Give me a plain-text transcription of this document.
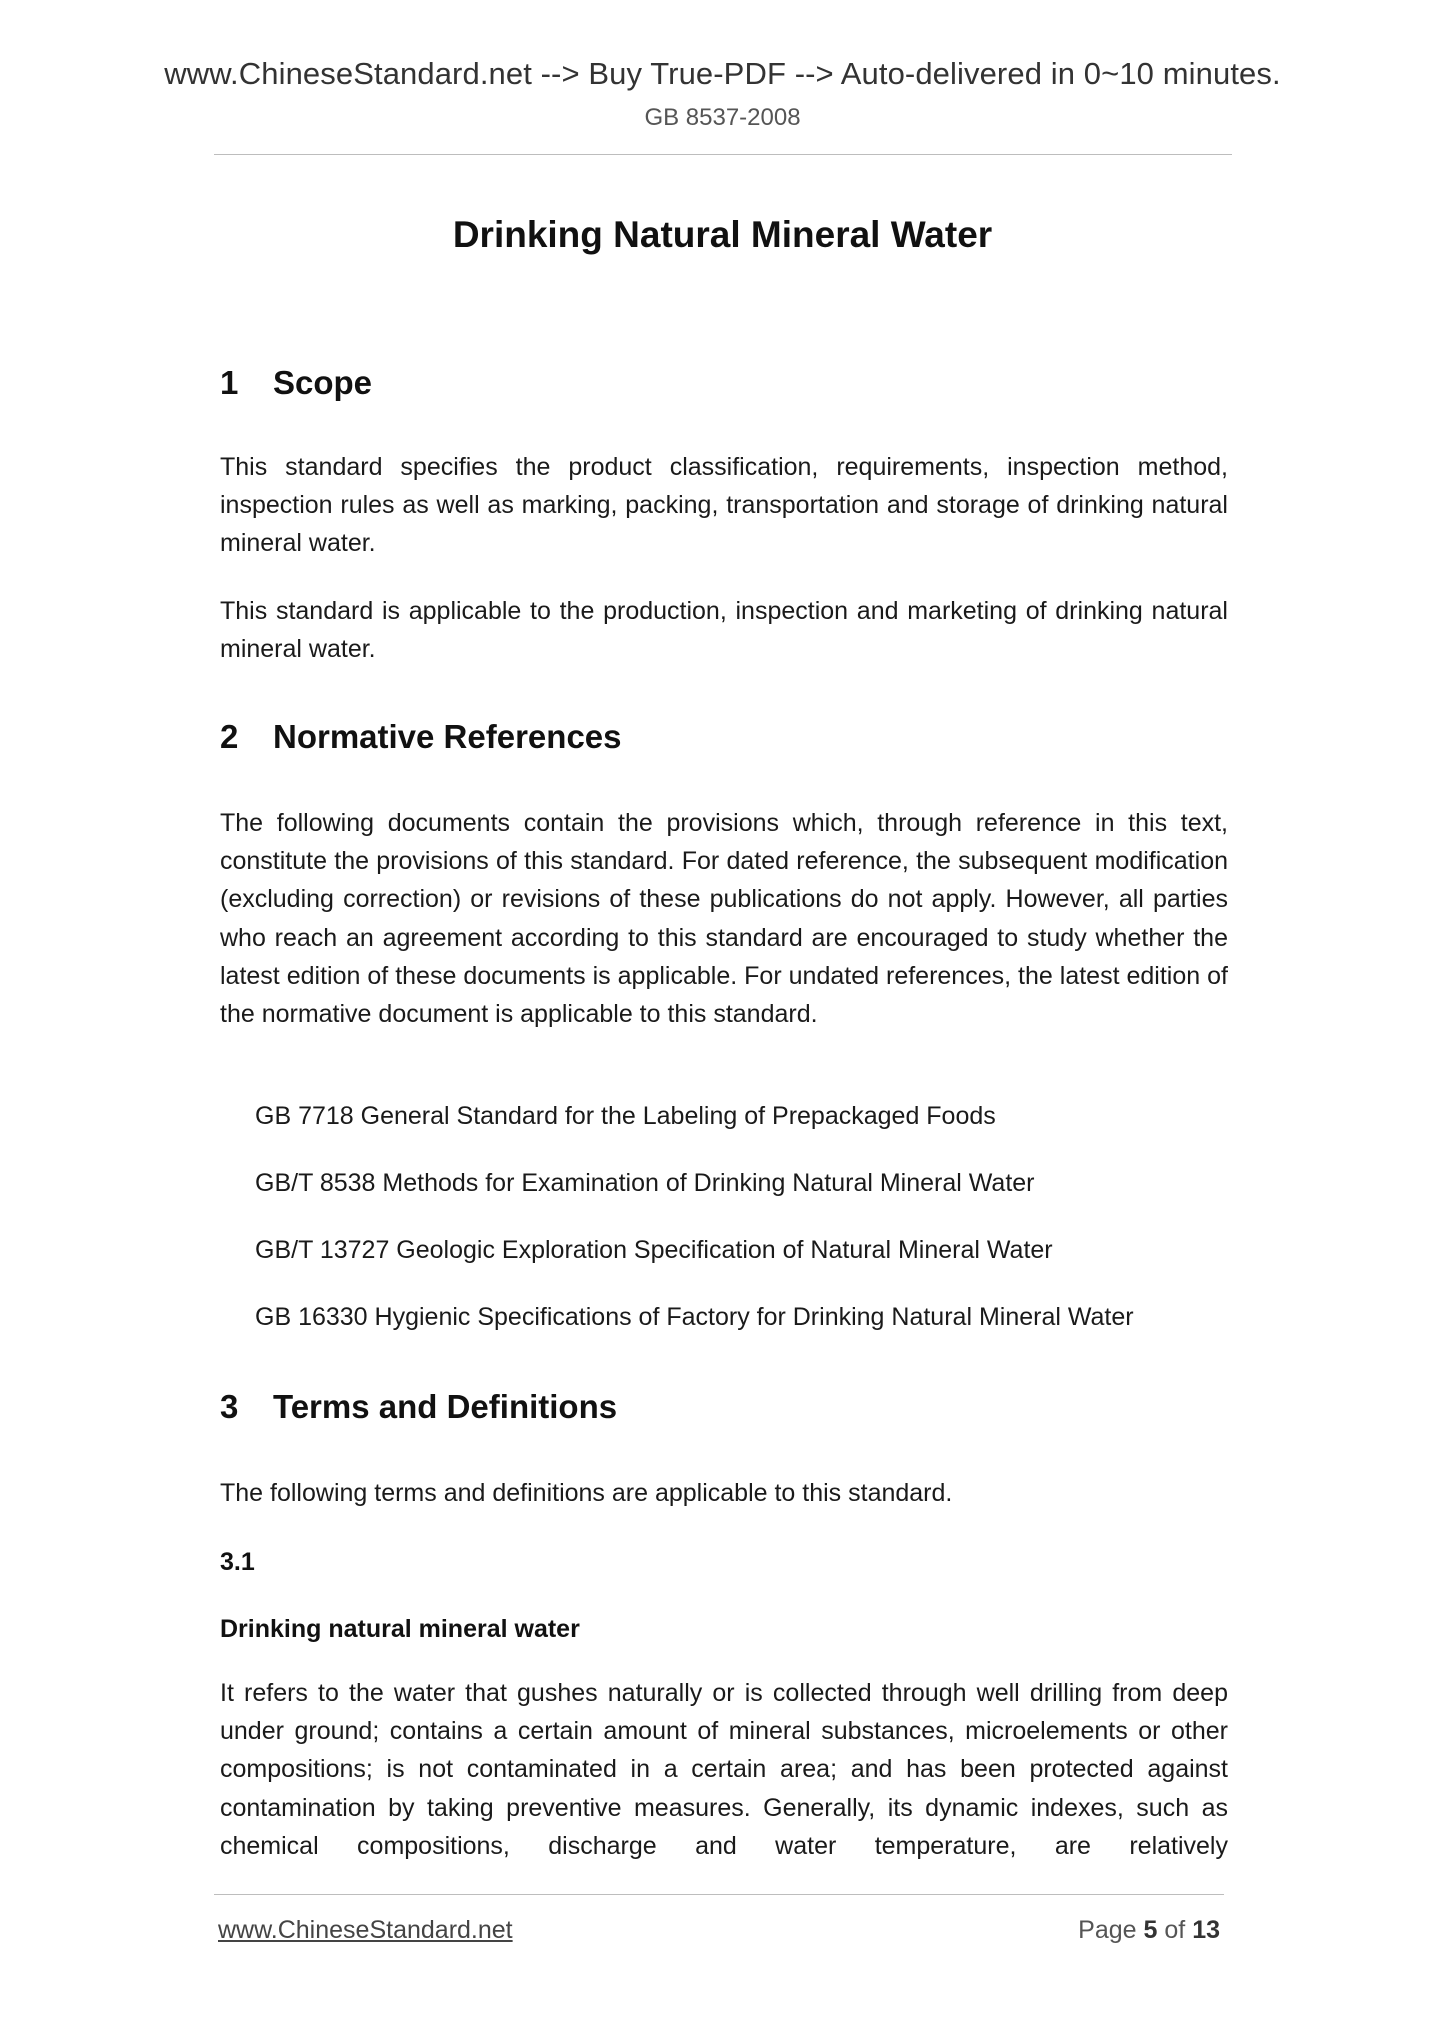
www.ChineseStandard.net --> Buy True-PDF --> Auto-delivered in 0~10 minutes.
GB 8537-2008
Drinking Natural Mineral Water
1 Scope
This standard specifies the product classification, requirements, inspection method, inspection rules as well as marking, packing, transportation and storage of drinking natural mineral water.
This standard is applicable to the production, inspection and marketing of drinking natural mineral water.
2 Normative References
The following documents contain the provisions which, through reference in this text, constitute the provisions of this standard. For dated reference, the subsequent modification (excluding correction) or revisions of these publications do not apply. However, all parties who reach an agreement according to this standard are encouraged to study whether the latest edition of these documents is applicable. For undated references, the latest edition of the normative document is applicable to this standard.
GB 7718 General Standard for the Labeling of Prepackaged Foods
GB/T 8538 Methods for Examination of Drinking Natural Mineral Water
GB/T 13727 Geologic Exploration Specification of Natural Mineral Water
GB 16330 Hygienic Specifications of Factory for Drinking Natural Mineral Water
3 Terms and Definitions
The following terms and definitions are applicable to this standard.
3.1
Drinking natural mineral water
It refers to the water that gushes naturally or is collected through well drilling from deep under ground; contains a certain amount of mineral substances, microelements or other compositions; is not contaminated in a certain area; and has been protected against contamination by taking preventive measures. Generally, its dynamic indexes, such as chemical compositions, discharge and water temperature, are relatively
www.ChineseStandard.net	Page 5 of 13
